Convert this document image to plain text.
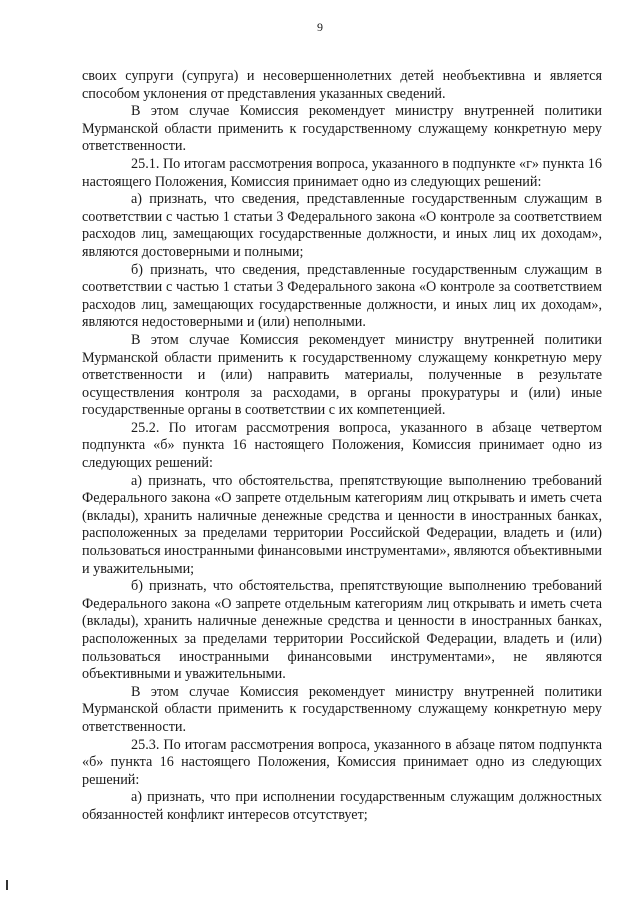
9

своих супруги (супруга) и несовершеннолетних детей необъективна и является способом уклонения от представления указанных сведений.

В этом случае Комиссия рекомендует министру внутренней политики Мурманской области применить к государственному служащему конкретную меру ответственности.

25.1. По итогам рассмотрения вопроса, указанного в подпункте «г» пункта 16 настоящего Положения, Комиссия принимает одно из следующих решений:

а) признать, что сведения, представленные государственным служащим в соответствии с частью 1 статьи 3 Федерального закона «О контроле за соответствием расходов лиц, замещающих государственные должности, и иных лиц их доходам», являются достоверными и полными;

б) признать, что сведения, представленные государственным служащим в соответствии с частью 1 статьи 3 Федерального закона «О контроле за соответствием расходов лиц, замещающих государственные должности, и иных лиц их доходам», являются недостоверными и (или) неполными.

В этом случае Комиссия рекомендует министру внутренней политики Мурманской области применить к государственному служащему конкретную меру ответственности и (или) направить материалы, полученные в результате осуществления контроля за расходами, в органы прокуратуры и (или) иные государственные органы в соответствии с их компетенцией.

25.2. По итогам рассмотрения вопроса, указанного в абзаце четвертом подпункта «б» пункта 16 настоящего Положения, Комиссия принимает одно из следующих решений:

а) признать, что обстоятельства, препятствующие выполнению требований Федерального закона «О запрете отдельным категориям лиц открывать и иметь счета (вклады), хранить наличные денежные средства и ценности в иностранных банках, расположенных за пределами территории Российской Федерации, владеть и (или) пользоваться иностранными финансовыми инструментами», являются объективными и уважительными;

б) признать, что обстоятельства, препятствующие выполнению требований Федерального закона «О запрете отдельным категориям лиц открывать и иметь счета (вклады), хранить наличные денежные средства и ценности в иностранных банках, расположенных за пределами территории Российской Федерации, владеть и (или) пользоваться иностранными финансовыми инструментами», не являются объективными и уважительными.

В этом случае Комиссия рекомендует министру внутренней политики Мурманской области применить к государственному служащему конкретную меру ответственности.

25.3. По итогам рассмотрения вопроса, указанного в абзаце пятом подпункта «б» пункта 16 настоящего Положения, Комиссия принимает одно из следующих решений:

а) признать, что при исполнении государственным служащим должностных обязанностей конфликт интересов отсутствует;
